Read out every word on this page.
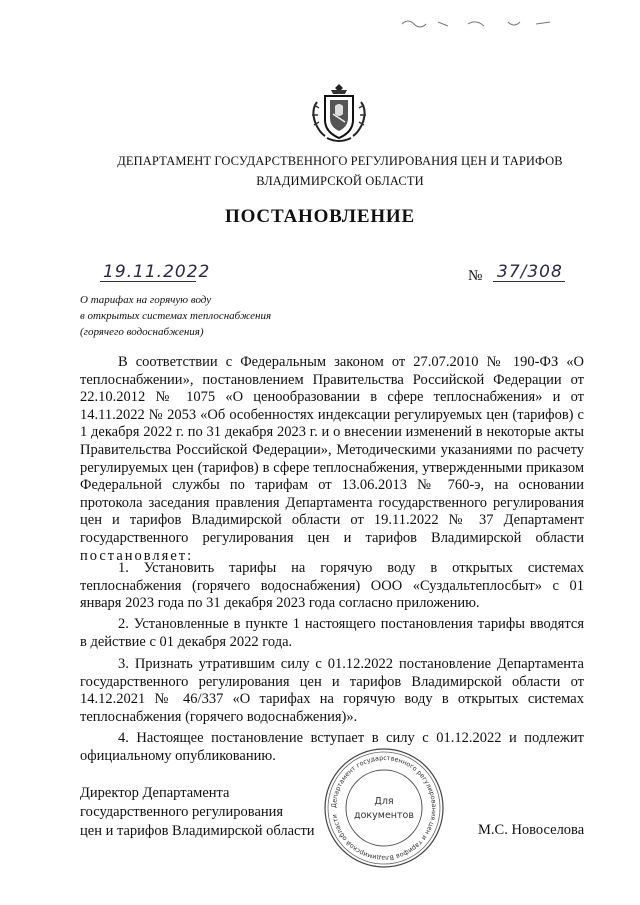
ДЕПАРТАМЕНТ ГОСУДАРСТВЕННОГО РЕГУЛИРОВАНИЯ ЦЕН И ТАРИФОВ
ВЛАДИМИРСКОЙ ОБЛАСТИ
ПОСТАНОВЛЕНИЕ
19.11.2022	№ 37/308
О тарифах на горячую воду
в открытых системах теплоснабжения
(горячего водоснабжения)
В соответствии с Федеральным законом от 27.07.2010 № 190-ФЗ «О теплоснабжении», постановлением Правительства Российской Федерации от 22.10.2012 № 1075 «О ценообразовании в сфере теплоснабжения» и от 14.11.2022 № 2053 «Об особенностях индексации регулируемых цен (тарифов) с 1 декабря 2022 г. по 31 декабря 2023 г. и о внесении изменений в некоторые акты Правительства Российской Федерации», Методическими указаниями по расчету регулируемых цен (тарифов) в сфере теплоснабжения, утвержденными приказом Федеральной службы по тарифам от 13.06.2013 № 760-э, на основании протокола заседания правления Департамента государственного регулирования цен и тарифов Владимирской области от 19.11.2022 № 37 Департамент государственного регулирования цен и тарифов Владимирской области постановляет:
1. Установить тарифы на горячую воду в открытых системах теплоснабжения (горячего водоснабжения) ООО «Суздальтеплосбыт» с 01 января 2023 года по 31 декабря 2023 года согласно приложению.
2. Установленные в пункте 1 настоящего постановления тарифы вводятся в действие с 01 декабря 2022 года.
3. Признать утратившим силу с 01.12.2022 постановление Департамента государственного регулирования цен и тарифов Владимирской области от 14.12.2021 № 46/337 «О тарифах на горячую воду в открытых системах теплоснабжения (горячего водоснабжения)».
4. Настоящее постановление вступает в силу с 01.12.2022 и подлежит официальному опубликованию.
Директор Департамента
государственного регулирования
цен и тарифов Владимирской области
Департамент государственного регулирования цен и тарифов Владимирской области
Для
документов
М.С. Новоселова
